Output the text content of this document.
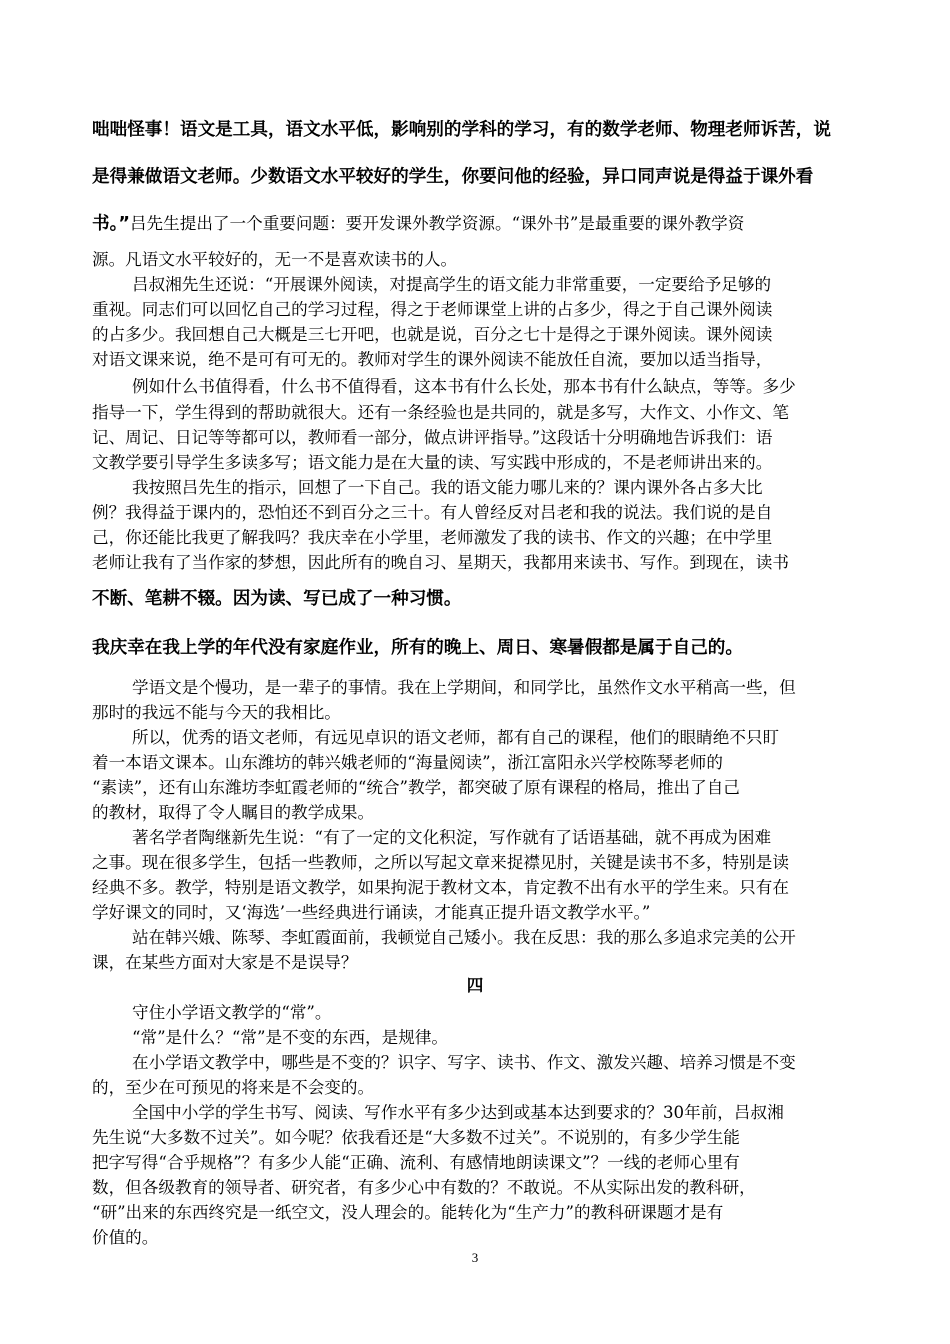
咄咄怪事！语文是工具，语文水平低，影响别的学科的学习，有的数学老师、物理老师诉苦，说
是得兼做语文老师。少数语文水平较好的学生，你要问他的经验，异口同声说是得益于课外看
书。”吕先生提出了一个重要问题：要开发课外教学资源。“课外书”是最重要的课外教学资
源。凡语文水平较好的，无一不是喜欢读书的人。
吕叔湘先生还说：“开展课外阅读，对提高学生的语文能力非常重要，一定要给予足够的
重视。同志们可以回忆自己的学习过程，得之于老师课堂上讲的占多少，得之于自己课外阅读
的占多少。我回想自己大概是三七开吧，也就是说，百分之七十是得之于课外阅读。课外阅读
对语文课来说，绝不是可有可无的。教师对学生的课外阅读不能放任自流，要加以适当指导，
例如什么书值得看，什么书不值得看，这本书有什么长处，那本书有什么缺点，等等。多少
指导一下，学生得到的帮助就很大。还有一条经验也是共同的，就是多写，大作文、小作文、笔
记、周记、日记等等都可以，教师看一部分，做点讲评指导。”这段话十分明确地告诉我们：语
文教学要引导学生多读多写；语文能力是在大量的读、写实践中形成的，不是老师讲出来的。
我按照吕先生的指示，回想了一下自己。我的语文能力哪儿来的？课内课外各占多大比
例？我得益于课内的，恐怕还不到百分之三十。有人曾经反对吕老和我的说法。我们说的是自
己，你还能比我更了解我吗？我庆幸在小学里，老师激发了我的读书、作文的兴趣；在中学里
老师让我有了当作家的梦想，因此所有的晚自习、星期天，我都用来读书、写作。到现在，读书
不断、笔耕不辍。因为读、写已成了一种习惯。
我庆幸在我上学的年代没有家庭作业，所有的晚上、周日、寒暑假都是属于自己的。
学语文是个慢功，是一辈子的事情。我在上学期间，和同学比，虽然作文水平稍高一些，但
那时的我远不能与今天的我相比。
所以，优秀的语文老师，有远见卓识的语文老师，都有自己的课程，他们的眼睛绝不只盯
着一本语文课本。山东潍坊的韩兴娥老师的“海量阅读”，浙江富阳永兴学校陈琴老师的
“素读”，还有山东潍坊李虹霞老师的“统合”教学，都突破了原有课程的格局，推出了自己
的教材，取得了令人瞩目的教学成果。
著名学者陶继新先生说：“有了一定的文化积淀，写作就有了话语基础，就不再成为困难
之事。现在很多学生，包括一些教师，之所以写起文章来捉襟见肘，关键是读书不多，特别是读
经典不多。教学，特别是语文教学，如果拘泥于教材文本，肯定教不出有水平的学生来。只有在
学好课文的同时，又‘海选’一些经典进行诵读，才能真正提升语文教学水平。”
站在韩兴娥、陈琴、李虹霞面前，我顿觉自己矮小。我在反思：我的那么多追求完美的公开
课，在某些方面对大家是不是误导？
守住小学语文教学的“常”。
“常”是什么？“常”是不变的东西，是规律。
在小学语文教学中，哪些是不变的？识字、写字、读书、作文、激发兴趣、培养习惯是不变
的，至少在可预见的将来是不会变的。
全国中小学的学生书写、阅读、写作水平有多少达到或基本达到要求的？30年前，吕叔湘
先生说“大多数不过关”。如今呢？依我看还是“大多数不过关”。不说别的，有多少学生能
把字写得“合乎规格”？有多少人能“正确、流利、有感情地朗读课文”？一线的老师心里有
数，但各级教育的领导者、研究者，有多少心中有数的？不敢说。不从实际出发的教科研，
“研”出来的东西终究是一纸空文，没人理会的。能转化为“生产力”的教科研课题才是有
价值的。
四
3
